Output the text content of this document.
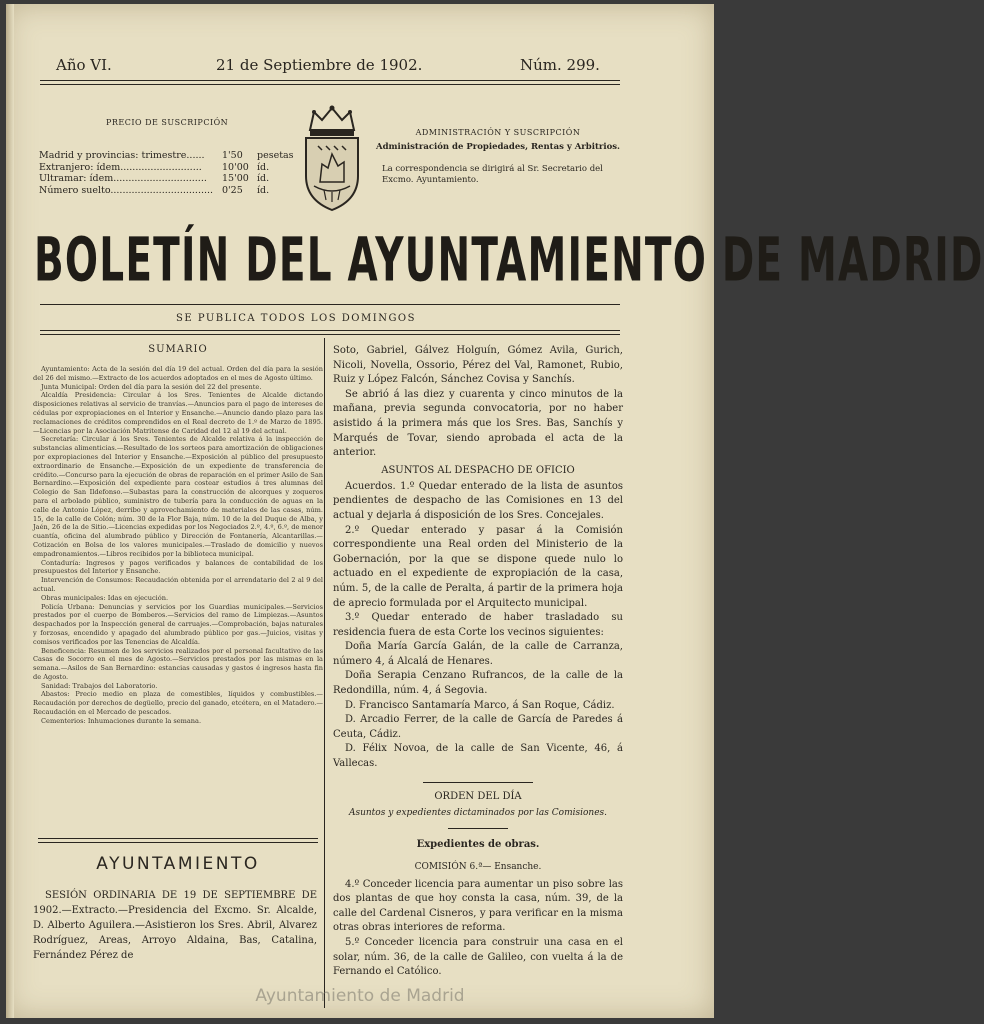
Año VI.	21 de Septiembre de 1902.	Núm. 299.
PRECIO DE SUSCRIPCIÓN
Madrid y provincias: trimestre...... 1'50 pesetas
Extranjero: ídem........................... 10'00 íd.
Ultramar: ídem............................... 15'00 íd.
Número suelto.................................. 0'25 íd.
ADMINISTRACIÓN Y SUSCRIPCIÓN
Administración de Propiedades, Rentas y Arbitrios.
La correspondencia se dirigirá al Sr. Secretario del Excmo. Ayuntamiento.
BOLETÍN DEL AYUNTAMIENTO DE MADRID
SE PUBLICA TODOS LOS DOMINGOS
SUMARIO

Ayuntamiento: Acta de la sesión del día 19 del actual. Orden del día para la sesión del 26 del mismo.—Extracto de los acuerdos adoptados en el mes de Agosto último.

Junta Municipal: Orden del día para la sesión del 22 del presente.

Alcaldía Presidencia: Circular á los Sres. Tenientes de Alcalde dictando disposiciones relativas al servicio de tranvías.—Anuncios para el pago de intereses de cédulas por expropiaciones en el Interior y Ensanche.—Anuncio dando plazo para las reclamaciones de créditos comprendidos en el Real decreto de 1.º de Marzo de 1895.—Licencias por la Asociación Matritense de Caridad del 12 al 19 del actual.

Secretaría: Circular á los Sres. Tenientes de Alcalde relativa á la inspección de substancias alimenticias.—Resultado de los sorteos para amortización de obligaciones por expropiaciones del Interior y Ensanche.—Exposición al público del presupuesto extraordinario de Ensanche.—Exposición de un expediente de transferencia de crédito.—Concurso para la ejecución de obras de reparación en el primer Asilo de San Bernardino.—Exposición del expediente para costear estudios á tres alumnas del Colegio de San Ildefonso.—Subastas para la construcción de alcorques y zoqueros para el arbolado público, suministro de tubería para la conducción de aguas en la calle de Antonio López, derribo y aprovechamiento de materiales de las casas, núm. 15, de la calle de Colón; núm. 30 de la Flor Baja, núm. 10 de la del Duque de Alba, y Jaén, 26 de la de Sitio.—Licencias expedidas por los Negociados 2.º, 4.º, 6.º, de menor cuantía, oficina del alumbrado público y Dirección de Fontanería, Alcantarillas.—Cotización en Bolsa de los valores municipales.—Traslado de domicilio y nuevos empadronamientos.—Libros recibidos por la biblioteca municipal.

Contaduría: Ingresos y pagos verificados y balances de contabilidad de los presupuestos del Interior y Ensanche.

Intervención de Consumos: Recaudación obtenida por el arrendatario del 2 al 9 del actual.

Obras municipales: Idas en ejecución.

Policía Urbana: Denuncias y servicios por los Guardias municipales.—Servicios prestados por el cuerpo de Bomberos.—Servicios del ramo de Limpiezas.—Asuntos despachados por la Inspección general de carruajes.—Comprobación, bajas naturales y forzosas, encendido y apagado del alumbrado público por gas.—Juicios, visitas y comisos verificados por las Tenencias de Alcaldía.

Beneficencia: Resumen de los servicios realizados por el personal facultativo de las Casas de Socorro en el mes de Agosto.—Servicios prestados por las mismas en la semana.—Asilos de San Bernardino: estancias causadas y gastos é ingresos hasta fin de Agosto.

Sanidad: Trabajos del Laboratorio.

Abastos: Precio medio en plaza de comestibles, líquidos y combustibles.—Recaudación por derechos de degüello, precio del ganado, etcétera, en el Matadero.—Recaudación en el Mercado de pescados.

Cementerios: Inhumaciones durante la semana.

AYUNTAMIENTO

SESIÓN ORDINARIA DE 19 DE SEPTIEMBRE DE 1902.—Extracto.—Presidencia del Excmo. Sr. Alcalde, D. Alberto Aguilera.—Asistieron los Sres. Abril, Alvarez Rodríguez, Areas, Arroyo Aldaina, Bas, Catalina, Fernández Pérez de

Soto, Gabriel, Gálvez Holguín, Gómez Avila, Gurich, Nicoli, Novella, Ossorio, Pérez del Val, Ramonet, Rubio, Ruiz y López Falcón, Sánchez Covisa y Sanchís.

Se abrió á las diez y cuarenta y cinco minutos de la mañana, previa segunda convocatoria, por no haber asistido á la primera más que los Sres. Bas, Sanchís y Marqués de Tovar, siendo aprobada el acta de la anterior.

ASUNTOS AL DESPACHO DE OFICIO

Acuerdos. 1.º Quedar enterado de la lista de asuntos pendientes de despacho de las Comisiones en 13 del actual y dejarla á disposición de los Sres. Concejales.

2.º Quedar enterado y pasar á la Comisión correspondiente una Real orden del Ministerio de la Gobernación, por la que se dispone quede nulo lo actuado en el expediente de expropiación de la casa, núm. 5, de la calle de Peralta, á partir de la primera hoja de aprecio formulada por el Arquitecto municipal.

3.º Quedar enterado de haber trasladado su residencia fuera de esta Corte los vecinos siguientes:

Doña María García Galán, de la calle de Carranza, número 4, á Alcalá de Henares.

Doña Serapia Cenzano Rufrancos, de la calle de la Redondilla, núm. 4, á Segovia.

D. Francisco Santamaría Marco, á San Roque, Cádiz.

D. Arcadio Ferrer, de la calle de García de Paredes á Ceuta, Cádiz.

D. Félix Novoa, de la calle de San Vicente, 46, á Vallecas.

ORDEN DEL DÍA
Asuntos y expedientes dictaminados por las Comisiones.
Expedientes de obras.
COMISIÓN 6.ª— Ensanche.

4.º Conceder licencia para aumentar un piso sobre las dos plantas de que hoy consta la casa, núm. 39, de la calle del Cardenal Cisneros, y para verificar en la misma otras obras interiores de reforma.

5.º Conceder licencia para construir una casa en el solar, núm. 36, de la calle de Galileo, con vuelta á la de Fernando el Católico.

Ayuntamiento de Madrid
